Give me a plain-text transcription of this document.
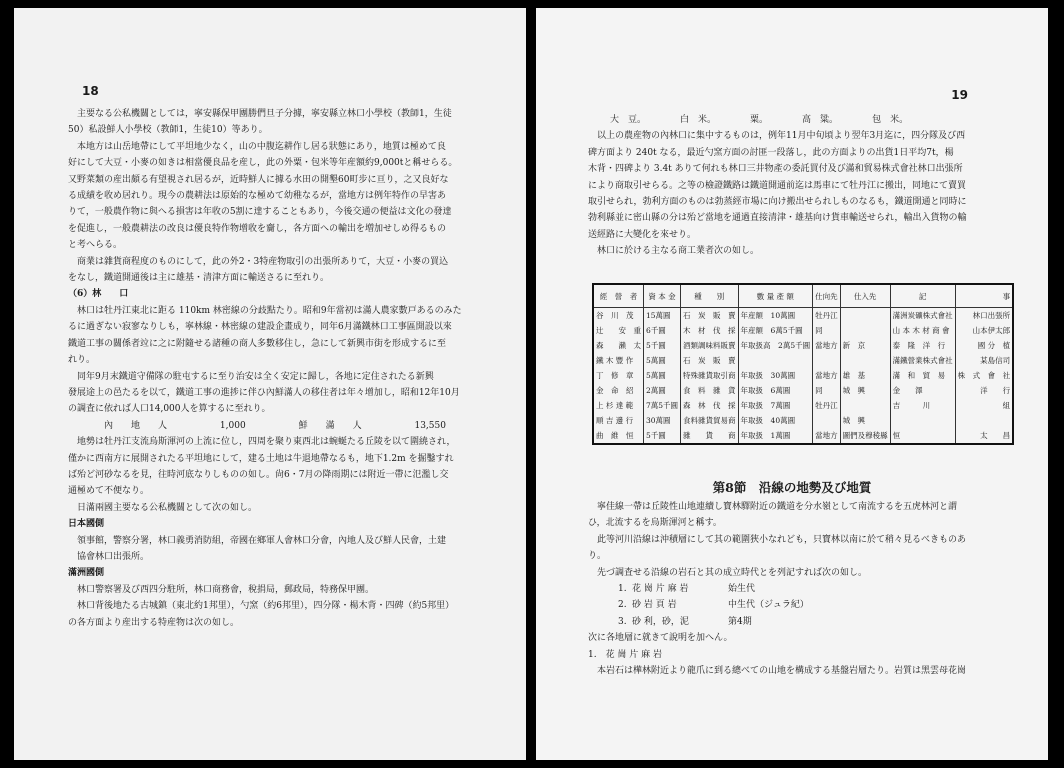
18

主要なる公私機關としては，寧安縣保甲團勝們旦子分據，寧安縣立林口小學校（教師1，生徒

50）私設鮮人小學校（教師1，生徒10）等あり。

本地方は山岳地帶にして平坦地少なく，山の中腹迄耕作し居る狀態にあり，地質は極めて良

好にして大豆・小麥の如きは相當優良品を産し，此の外粟・包米等年産額約9,000tと稱せらる。

又野菜類の産出頗る有望視され居るが，近時鮮人に據る水田の開墾60町步に亘り，之又良好な

る成績を收め居れり。現今の農耕法は原始的な極めて幼稚なるが，當地方は例年特作の早害あ

りて，一般農作物に與へる損害は年收の5割に達することもあり，今後交通の便益は文化の發達

を促進し，一般農耕法の改良は優良特作物增收を齎し，各方面への輸出を増加せしめ得るもの

と考へらる。

商業は雜貨商程度のものにして，此の外2・3特産物取引の出張所ありて，大豆・小麥の買込

をなし，鐵道開通後は主に雄基・清津方面に輸送さるに至れり。

（6）林　　口

林口は牡丹江東北に距る 110km 林密線の分歧點たり。昭和9年當初は滿人農家數戸あるのみた

るに過ぎない寂寥なりしも，寧林線・林密線の建設企畫成り，同年6月滿鐵林口工事區開設以來

鐵道工事の關係者竝に之に附隨せる諸種の商人多數移住し，急にして新興市街を形成するに至

れり。

同年9月末鐵道守備隊の駐屯するに至り治安は全く安定に歸し，各地に定住されたる新興

發展途上の邑たるを以て，鐵道工事の進捗に伴ひ內鮮滿人の移住者は年々增加し，昭和12年10月

の調査に依れば人口14,000人を算するに至れり。

內　　地　　人	1,000	鮮　　滿　　人	13,550

地勢は牡丹江支流烏斯渾河の上流に位し，四周を聚り東西北は蜿蜒たる丘陵を以て圍繞され，

僅かに西南方に展開されたる平坦地にして，建る土地は牛退地帶なるも，地下1.2m を掘鑿すれ

ば殆ど河砂なるを見，往時河底なりしものの如し。尙6・7月の降雨期には附近一帶に氾濫し交

通極めて不便なり。

日滿兩國主要なる公私機關として次の如し。

日本國側

領事館，警察分署，林口義勇消防組，帝國在鄉軍人會林口分會，內地人及び鮮人民會，土建

協會林口出張所。

滿洲國側

林口警察署及び西四分駐所，林口商務會，稅捐局，郵政局，特務保甲團。

林口背後地たる古城鎮（東北約1邦里），勺窯（約6邦里），四分隊・楊木背・四碑（約5邦里）

の各方面より産出する特産物は次の如し。

19
大　豆。	白　米。	粟。	高　粱。	包　米。

以上の農産物の內林口に集中するものは，例年11月中旬頃より翌年3月迄に，四分隊及び西

碑方面より 240t なる，最近勺窯方面の討匪一段落し，此の方面よりの出貨1日平均7t，楊

木背・四碑より 3.4t ありて何れも林口三井物產の委託買付及び滿和貿易株式會社林口出張所

により商取引せらる。之等の檢證鐵路は鐵道開通前迄は馬車にて牡丹江に搬出，同地にて賣買

取引せられ，勃利方面のものは勃蒸經市場に向け搬出せられしものなるも，鐵道開通と同時に

勃利縣並に密山縣の分は殆ど當地を通過直接清津・雄基向け貨車輸送せられ，輸出入貨物の輸

送經路に大變化を來せり。

林口に於ける主なる商工業者次の如し。

經　營　者	資 本 金	種　　別	數 量 產 額	仕向先	仕入先	記	事
谷　川　茂	15萬圓	石　炭　販　賣	年産額　10萬圓	牡丹江		滿洲炭礦株式會社	林口出張所
辻　　安　重	6千圓	木　材　伐　採	年産額　6萬5千圓	同		山 本 木 材 商 會	山本伊太郎
森　　瀨　太	5千圓	酒類調味料販賣	年取扱高　2萬5千圓	當地方	新　京	泰　隆　洋　行	國 分　植
鐵 木 豐 作	5萬圓	石　炭　販　賣				滿鐵營業株式會社	某島信司
丁　修　章	5萬圓	特殊雜貨取引商	年取扱　30萬圓	當地方	雄　基	滿　和　貿　易	株　式　會　社
金　命　紹	2萬圓	食　料　雜　貨	年取扱　6萬圓	同	城　興	金　　澤	洋　　行
上 杉 達 範	7萬5千圓	森　林　伐　採	年取扱　7萬圓	牡丹江		吉　　　川	組
順 吉 邊 行	30萬圓	食料雜貨貿易商	年取扱　40萬圓		城　興		
曲　維　恒	5千圓	雜　　貨　　商	年取扱　1萬圓	當地方	圖們及穆稜縣	恒	太　　昌
第8節　沿線の地勢及び地質

寧佳線一帶は丘陵性山地連續し寶林驛附近の鐵道を分水嶺として南流するを五虎林河と謂

ひ，北流するを烏斯渾河と稱す。

此等河川沿線は沖積層にして其の範圍狹小なれども，只寶林以南に於て稍々見るべきものあ

り。

先づ調査せる沿線の岩石と其の成立時代とを列記すれば次の如し。

1. 花 崗 片 麻 岩	始生代
2. 砂 岩 頁 岩	中生代（ジュラ紀）
3. 砂 利，砂，泥	第4期

次に各地層に就きて說明を加へん。

1.　花 崗 片 麻 岩

本岩石は樺林附近より龍爪に到る總べての山地を構成する基盤岩層たり。岩質は黑雲母花崗
